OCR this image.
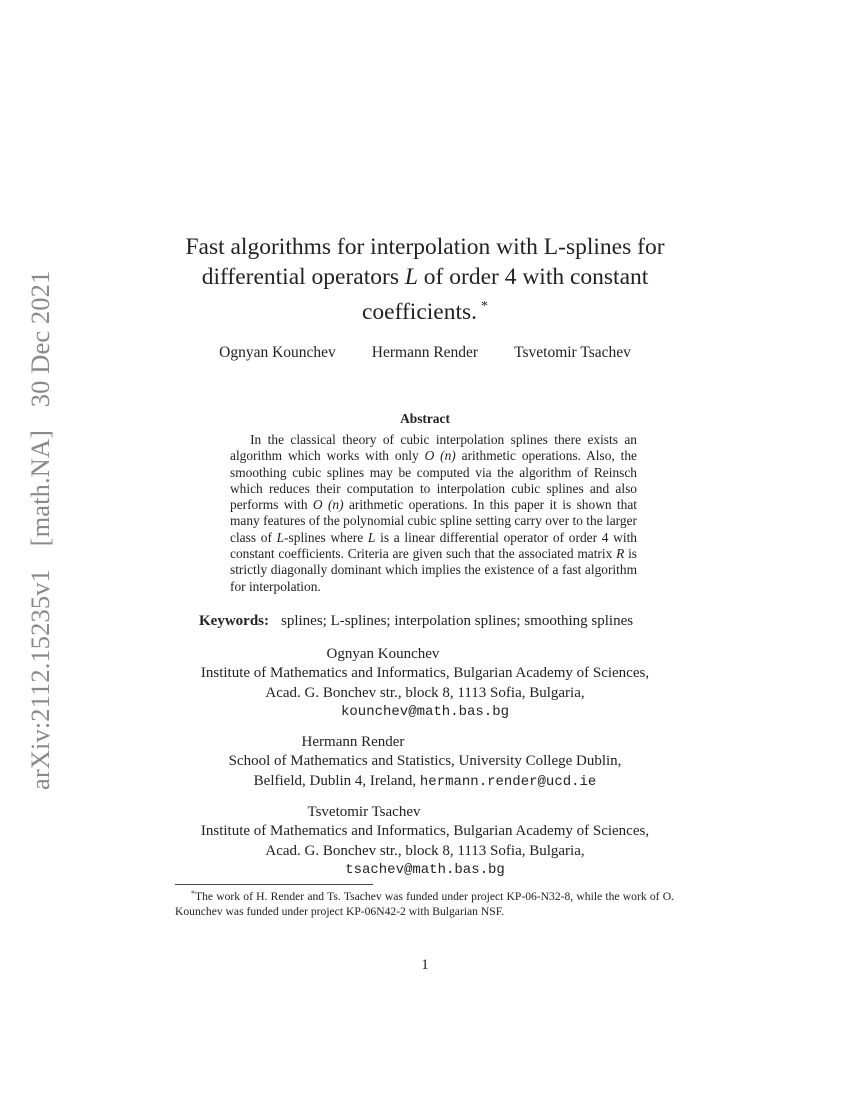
arXiv:2112.15235v1 [math.NA] 30 Dec 2021
Fast algorithms for interpolation with L-splines for
differential operators L of order 4 with constant
coefficients. *
Ognyan Kounchev Hermann Render Tsvetomir Tsachev
Abstract
In the classical theory of cubic interpolation splines there exists an algorithm which works with only O (n) arithmetic operations. Also, the smoothing cubic splines may be computed via the algorithm of Reinsch which reduces their computation to interpolation cubic splines and also performs with O (n) arithmetic operations. In this paper it is shown that many features of the polynomial cubic spline setting carry over to the larger class of L-splines where L is a linear differential operator of order 4 with constant coefficients. Criteria are given such that the associated matrix R is strictly diagonally dominant which implies the existence of a fast algorithm for interpolation.
Keywords: splines; L-splines; interpolation splines; smoothing splines
Ognyan Kounchev
Institute of Mathematics and Informatics, Bulgarian Academy of Sciences,
Acad. G. Bonchev str., block 8, 1113 Sofia, Bulgaria,
kounchev@math.bas.bg
Hermann Render
School of Mathematics and Statistics, University College Dublin,
Belfield, Dublin 4, Ireland, hermann.render@ucd.ie
Tsvetomir Tsachev
Institute of Mathematics and Informatics, Bulgarian Academy of Sciences,
Acad. G. Bonchev str., block 8, 1113 Sofia, Bulgaria,
tsachev@math.bas.bg
*The work of H. Render and Ts. Tsachev was funded under project KP-06-N32-8, while the work of O. Kounchev was funded under project KP-06N42-2 with Bulgarian NSF.
1
